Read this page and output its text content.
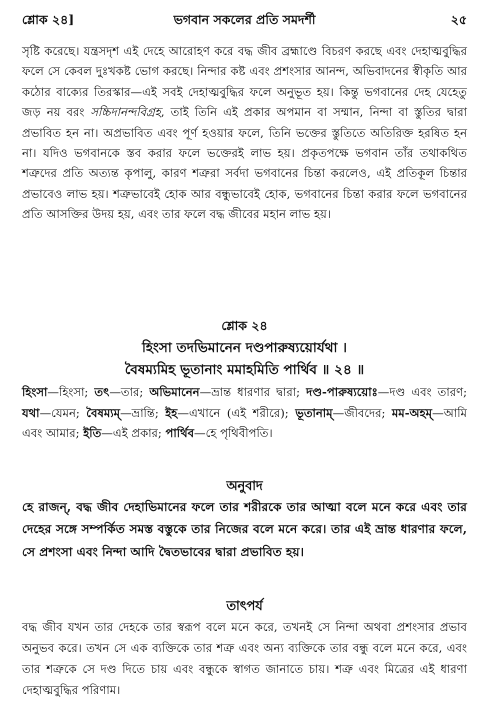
শ্লোক ২৪]	ভগবান সকলের প্রতি সমদর্শী	২৫

সৃষ্টি করেছে। যন্ত্রসদৃশ এই দেহে আরোহণ করে বদ্ধ জীব ব্রহ্মাণ্ডে বিচরণ করছে এবং দেহাত্মবুদ্ধির ফলে সে কেবল দুঃখকষ্ট ভোগ করছে। নিন্দার কষ্ট এবং প্রশংসার আনন্দ, অভিবাদনের স্বীকৃতি আর কঠোর বাক্যের তিরস্কার—এই সবই দেহাত্মবুদ্ধির ফলে অনুভূত হয়। কিন্তু ভগবানের দেহ যেহেতু জড় নয় বরং সচ্চিদানন্দবিগ্রহ, তাই তিনি এই প্রকার অপমান বা সম্মান, নিন্দা বা স্তুতির দ্বারা প্রভাবিত হন না। অপ্রভাবিত এবং পূর্ণ হওয়ার ফলে, তিনি ভক্তের স্তুতিতে অতিরিক্ত হরষিত হন না। যদিও ভগবানকে স্তব করার ফলে ভক্তেরই লাভ হয়। প্রকৃতপক্ষে ভগবান তাঁর তথাকথিত শত্রুদের প্রতি অত্যন্ত কৃপালু, কারণ শত্রুরা সর্বদা ভগবানের চিন্তা করলেও, এই প্রতিকূল চিন্তার প্রভাবেও লাভ হয়। শত্রুভাবেই হোক আর বন্ধুভাবেই হোক, ভগবানের চিন্তা করার ফলে ভগবানের প্রতি আসক্তির উদয় হয়, এবং তার ফলে বদ্ধ জীবের মহান লাভ হয়।

শ্লোক ২৪
হিংসা তদভিমানেন দণ্ডপারুষ্যয়োর্যথা ।
বৈষম্যমিহ ভূতানাং মমাহমিতি পার্থিব ॥ ২৪ ॥

হিংসা—হিংসা; তৎ—তার; অভিমানেন—ভ্রান্ত ধারণার দ্বারা; দণ্ড-পারুষ্যয়োঃ—দণ্ড এবং তারণ; যথা—যেমন; বৈষম্যম্—ভ্রান্তি; ইহ—এখানে (এই শরীরে); ভূতানাম্—জীবদের; মম-অহম্—আমি এবং আমার; ইতি—এই প্রকার; পার্থিব—হে পৃথিবীপতি।

অনুবাদ

হে রাজন্, বদ্ধ জীব দেহাভিমানের ফলে তার শরীরকে তার আত্মা বলে মনে করে এবং তার দেহের সঙ্গে সম্পর্কিত সমস্ত বস্তুকে তার নিজের বলে মনে করে। তার এই ভ্রান্ত ধারণার ফলে, সে প্রশংসা এবং নিন্দা আদি দ্বৈতভাবের দ্বারা প্রভাবিত হয়।

তাৎপর্য

বদ্ধ জীব যখন তার দেহকে তার স্বরূপ বলে মনে করে, তখনই সে নিন্দা অথবা প্রশংসার প্রভাব অনুভব করে। তখন সে এক ব্যক্তিকে তার শত্রু এবং অন্য ব্যক্তিকে তার বন্ধু বলে মনে করে, এবং তার শত্রুকে সে দণ্ড দিতে চায় এবং বন্ধুকে স্বাগত জানাতে চায়। শত্রু এবং মিত্রের এই ধারণা দেহাত্মবুদ্ধির পরিণাম।
